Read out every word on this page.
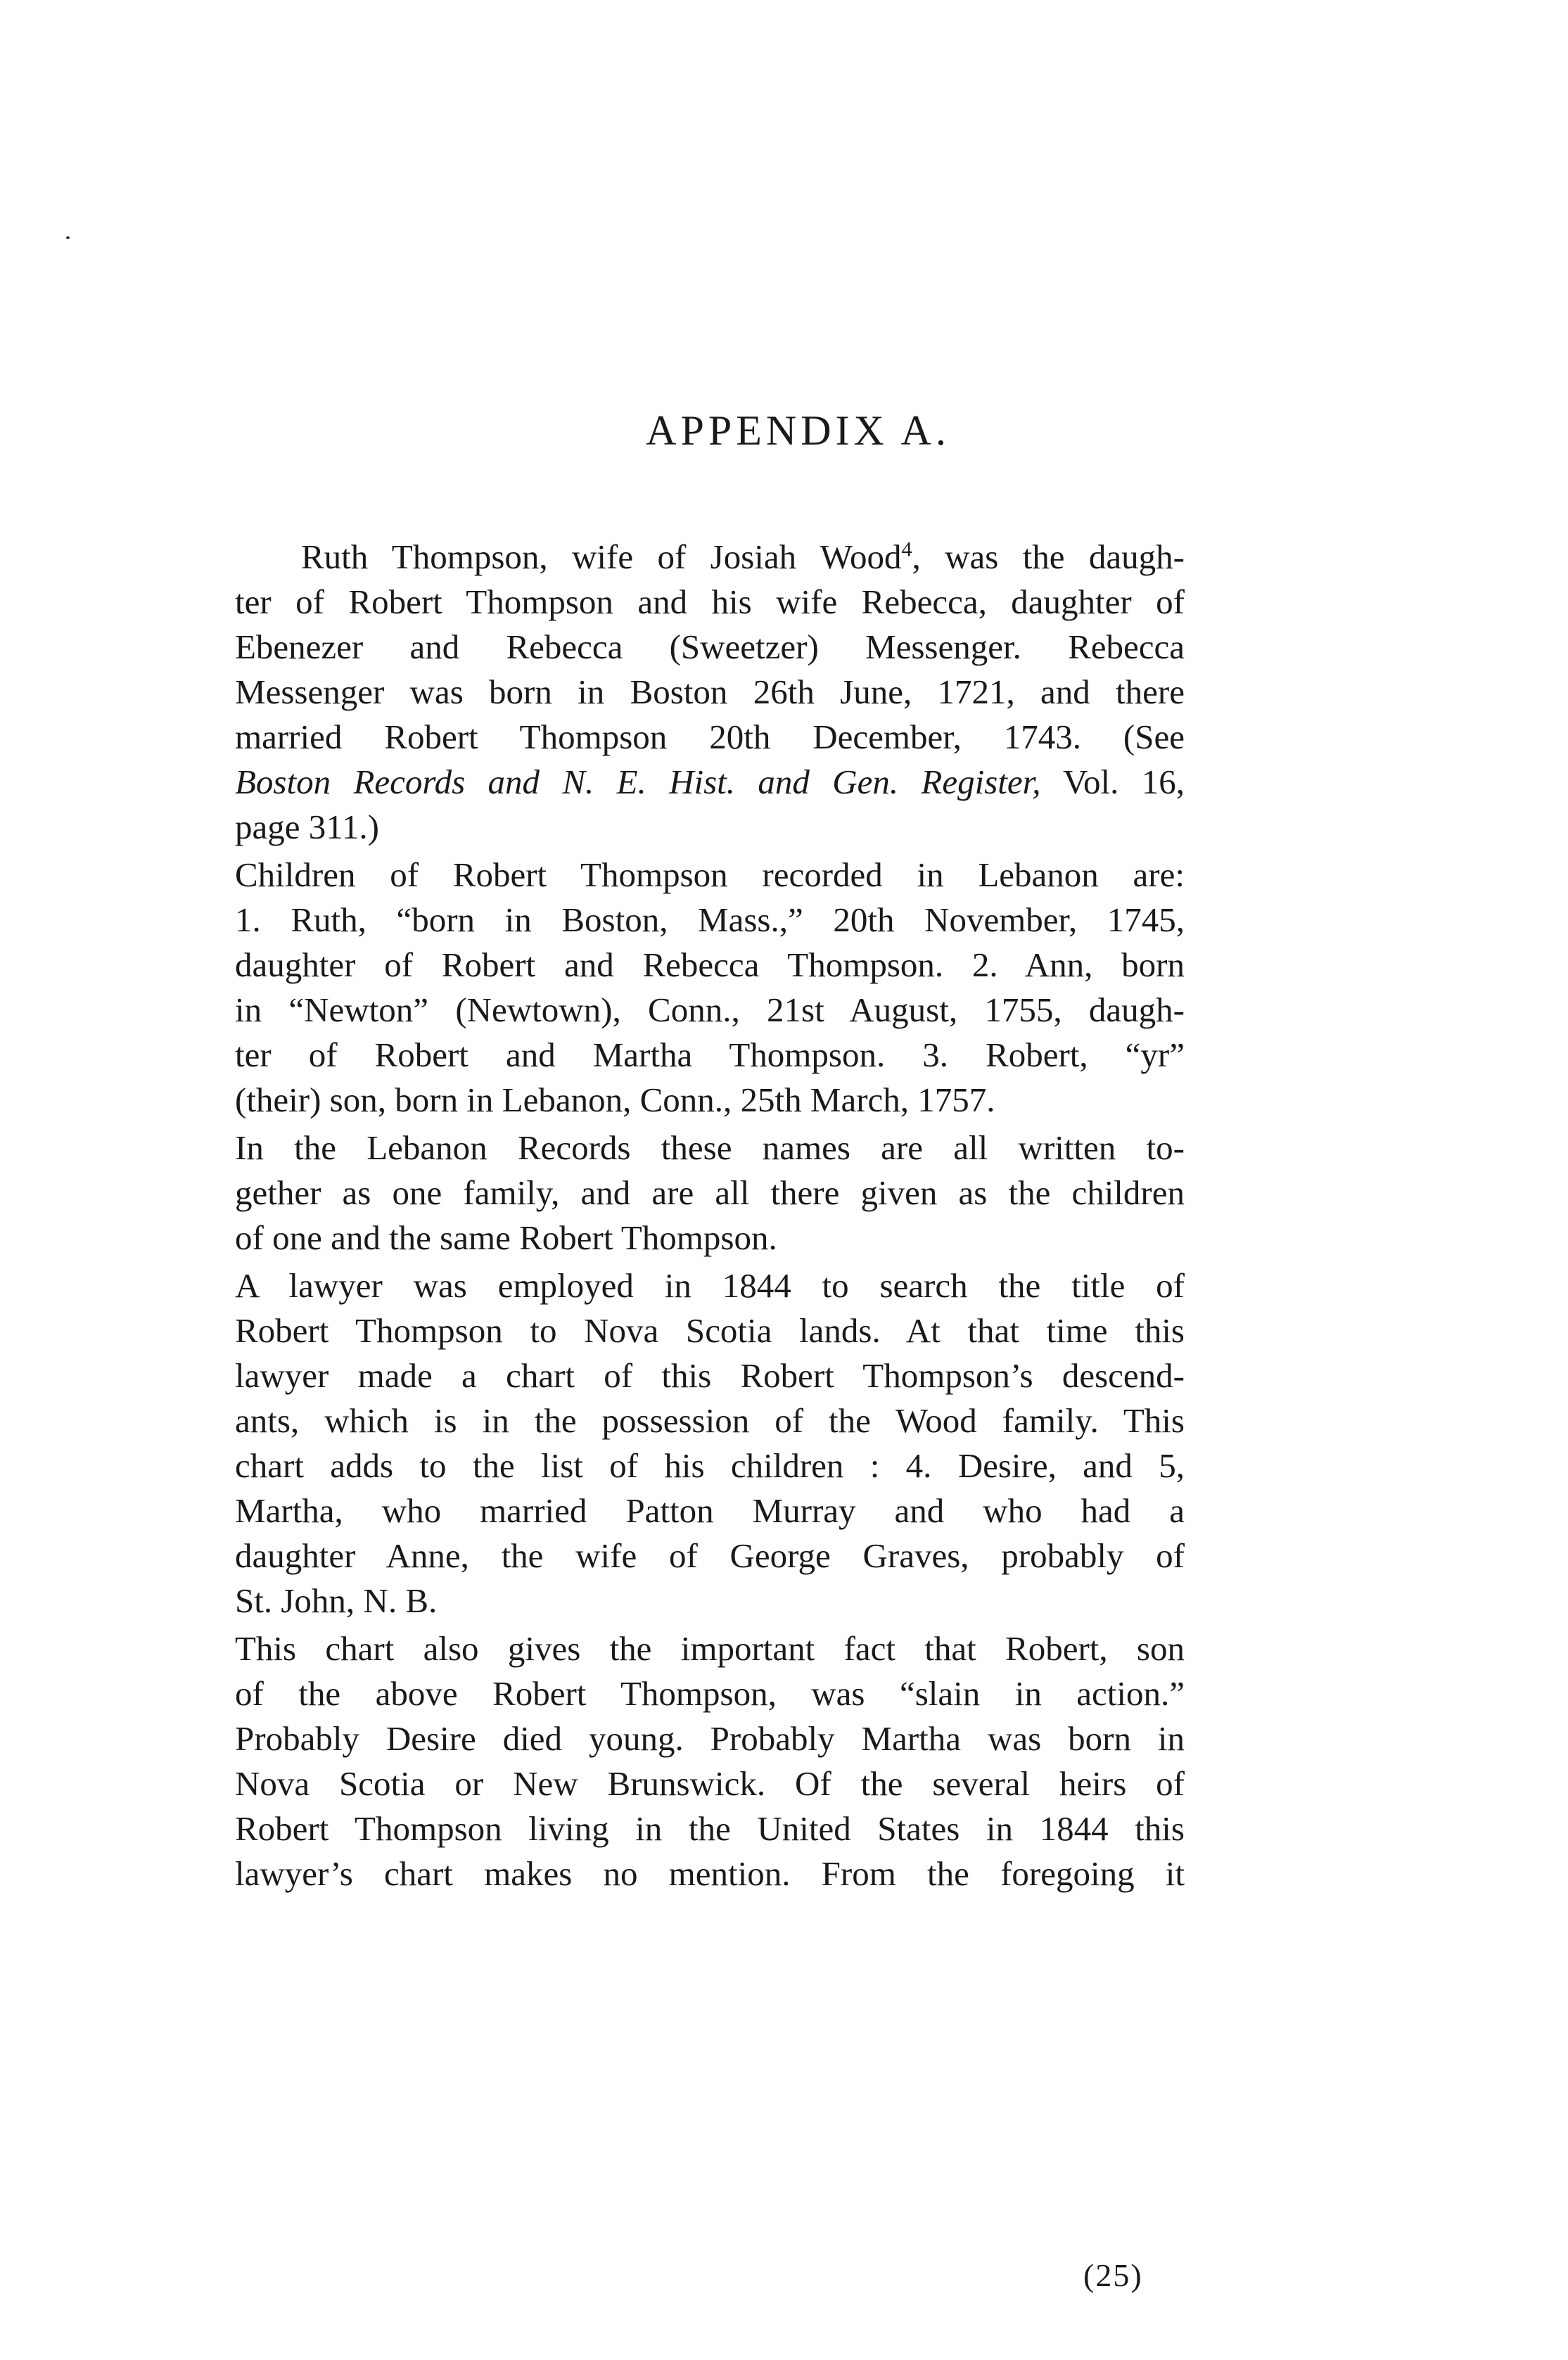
APPENDIX A.

Ruth Thompson, wife of Josiah Wood$^4$, was the daugh-
ter of Robert Thompson and his wife Rebecca, daughter of
Ebenezer and Rebecca (Sweetzer) Messenger. Rebecca
Messenger was born in Boston 26th June, 1721, and there
married Robert Thompson 20th December, 1743. (See
Boston Records and N. E. Hist. and Gen. Register, Vol. 16,
page 311.)

Children of Robert Thompson recorded in Lebanon are:
1. Ruth, “born in Boston, Mass.,” 20th November, 1745,
daughter of Robert and Rebecca Thompson. 2. Ann, born
in “Newton” (Newtown), Conn., 21st August, 1755, daugh-
ter of Robert and Martha Thompson. 3. Robert, “yr”
(their) son, born in Lebanon, Conn., 25th March, 1757.

In the Lebanon Records these names are all written to-
gether as one family, and are all there given as the children
of one and the same Robert Thompson.

A lawyer was employed in 1844 to search the title of
Robert Thompson to Nova Scotia lands. At that time this
lawyer made a chart of this Robert Thompson’s descend-
ants, which is in the possession of the Wood family. This
chart adds to the list of his children : 4. Desire, and 5,
Martha, who married Patton Murray and who had a
daughter Anne, the wife of George Graves, probably of
St. John, N. B.

This chart also gives the important fact that Robert, son
of the above Robert Thompson, was “slain in action.”
Probably Desire died young. Probably Martha was born in
Nova Scotia or New Brunswick. Of the several heirs of
Robert Thompson living in the United States in 1844 this
lawyer’s chart makes no mention. From the foregoing it

(25)
